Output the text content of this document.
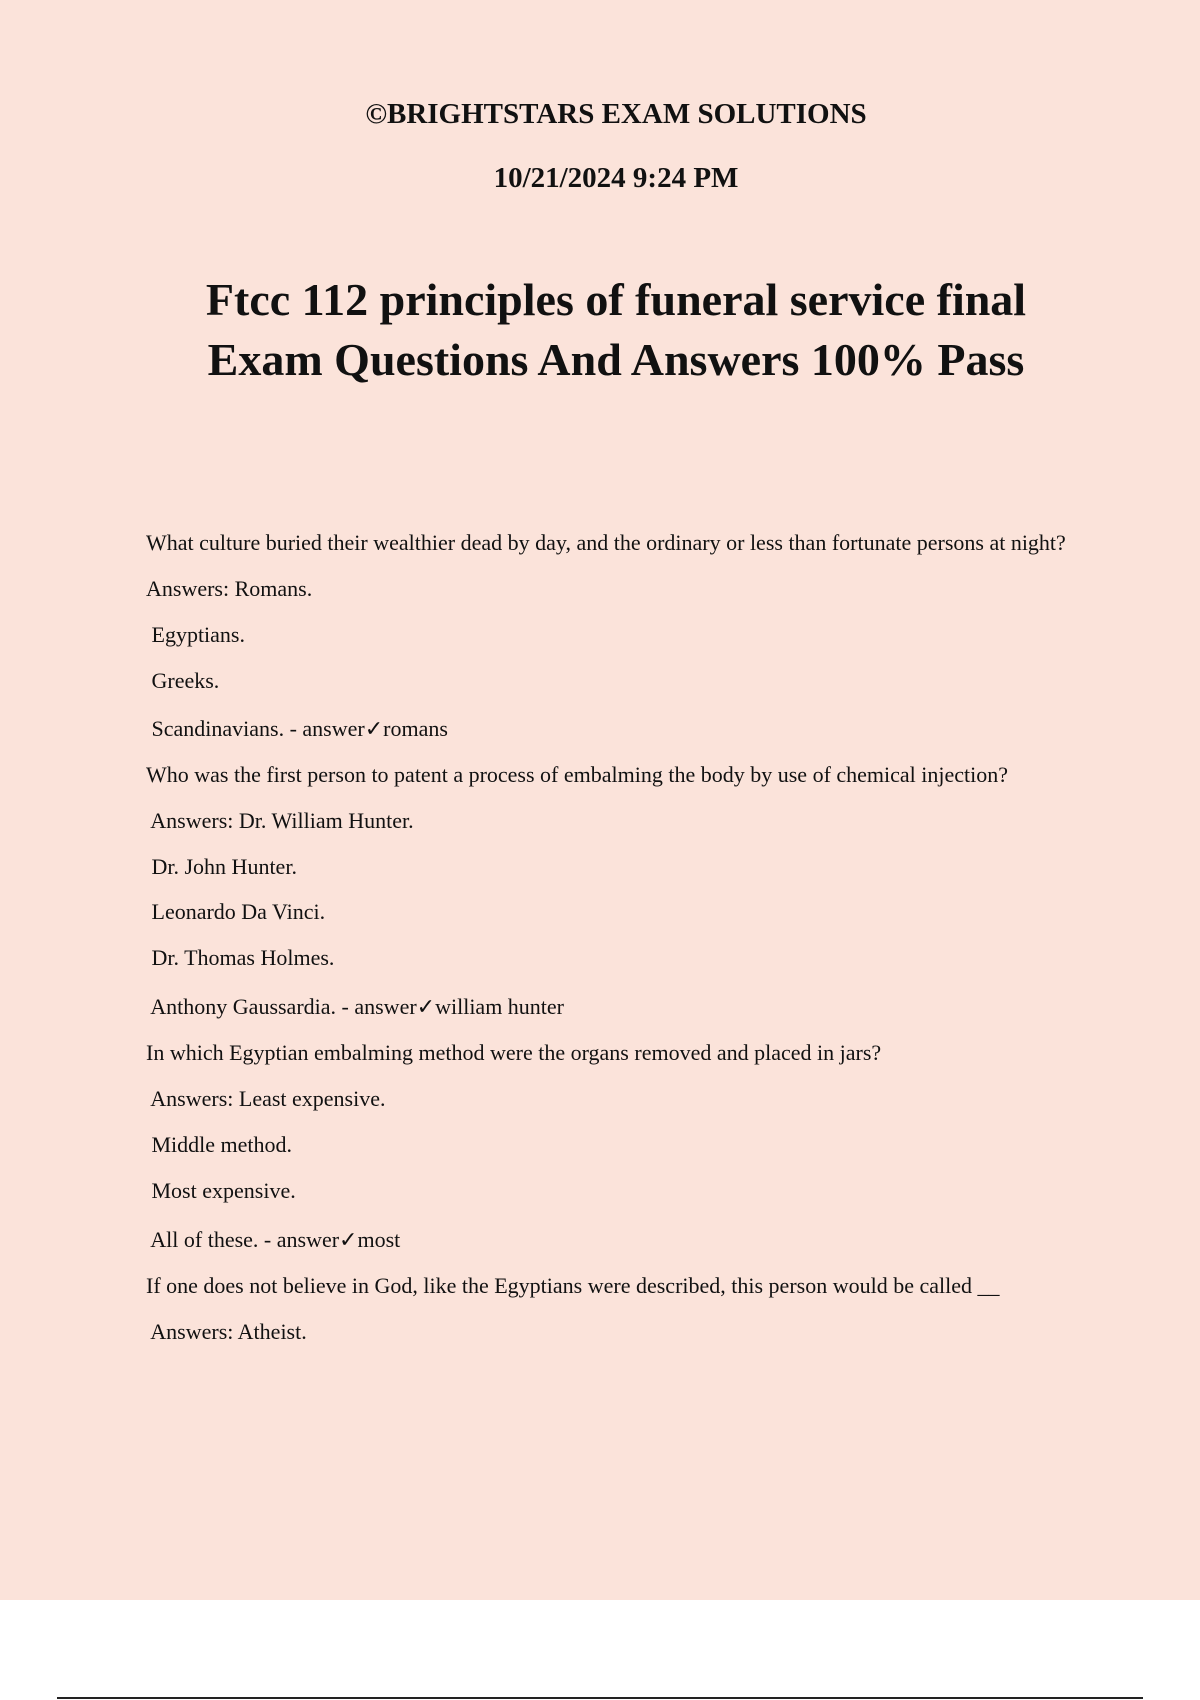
©BRIGHTSTARS EXAM SOLUTIONS
10/21/2024 9:24 PM
Ftcc 112 principles of funeral service final
Exam Questions And Answers 100% Pass
What culture buried their wealthier dead by day, and the ordinary or less than fortunate persons at night?
Answers: Romans.
Egyptians.
Greeks.
Scandinavians. - answer✓romans
Who was the first person to patent a process of embalming the body by use of chemical injection?
Answers: Dr. William Hunter.
Dr. John Hunter.
Leonardo Da Vinci.
Dr. Thomas Holmes.
Anthony Gaussardia. - answer✓william hunter
In which Egyptian embalming method were the organs removed and placed in jars?
Answers: Least expensive.
Middle method.
Most expensive.
All of these. - answer✓most
If one does not believe in God, like the Egyptians were described, this person would be called __
Answers: Atheist.
